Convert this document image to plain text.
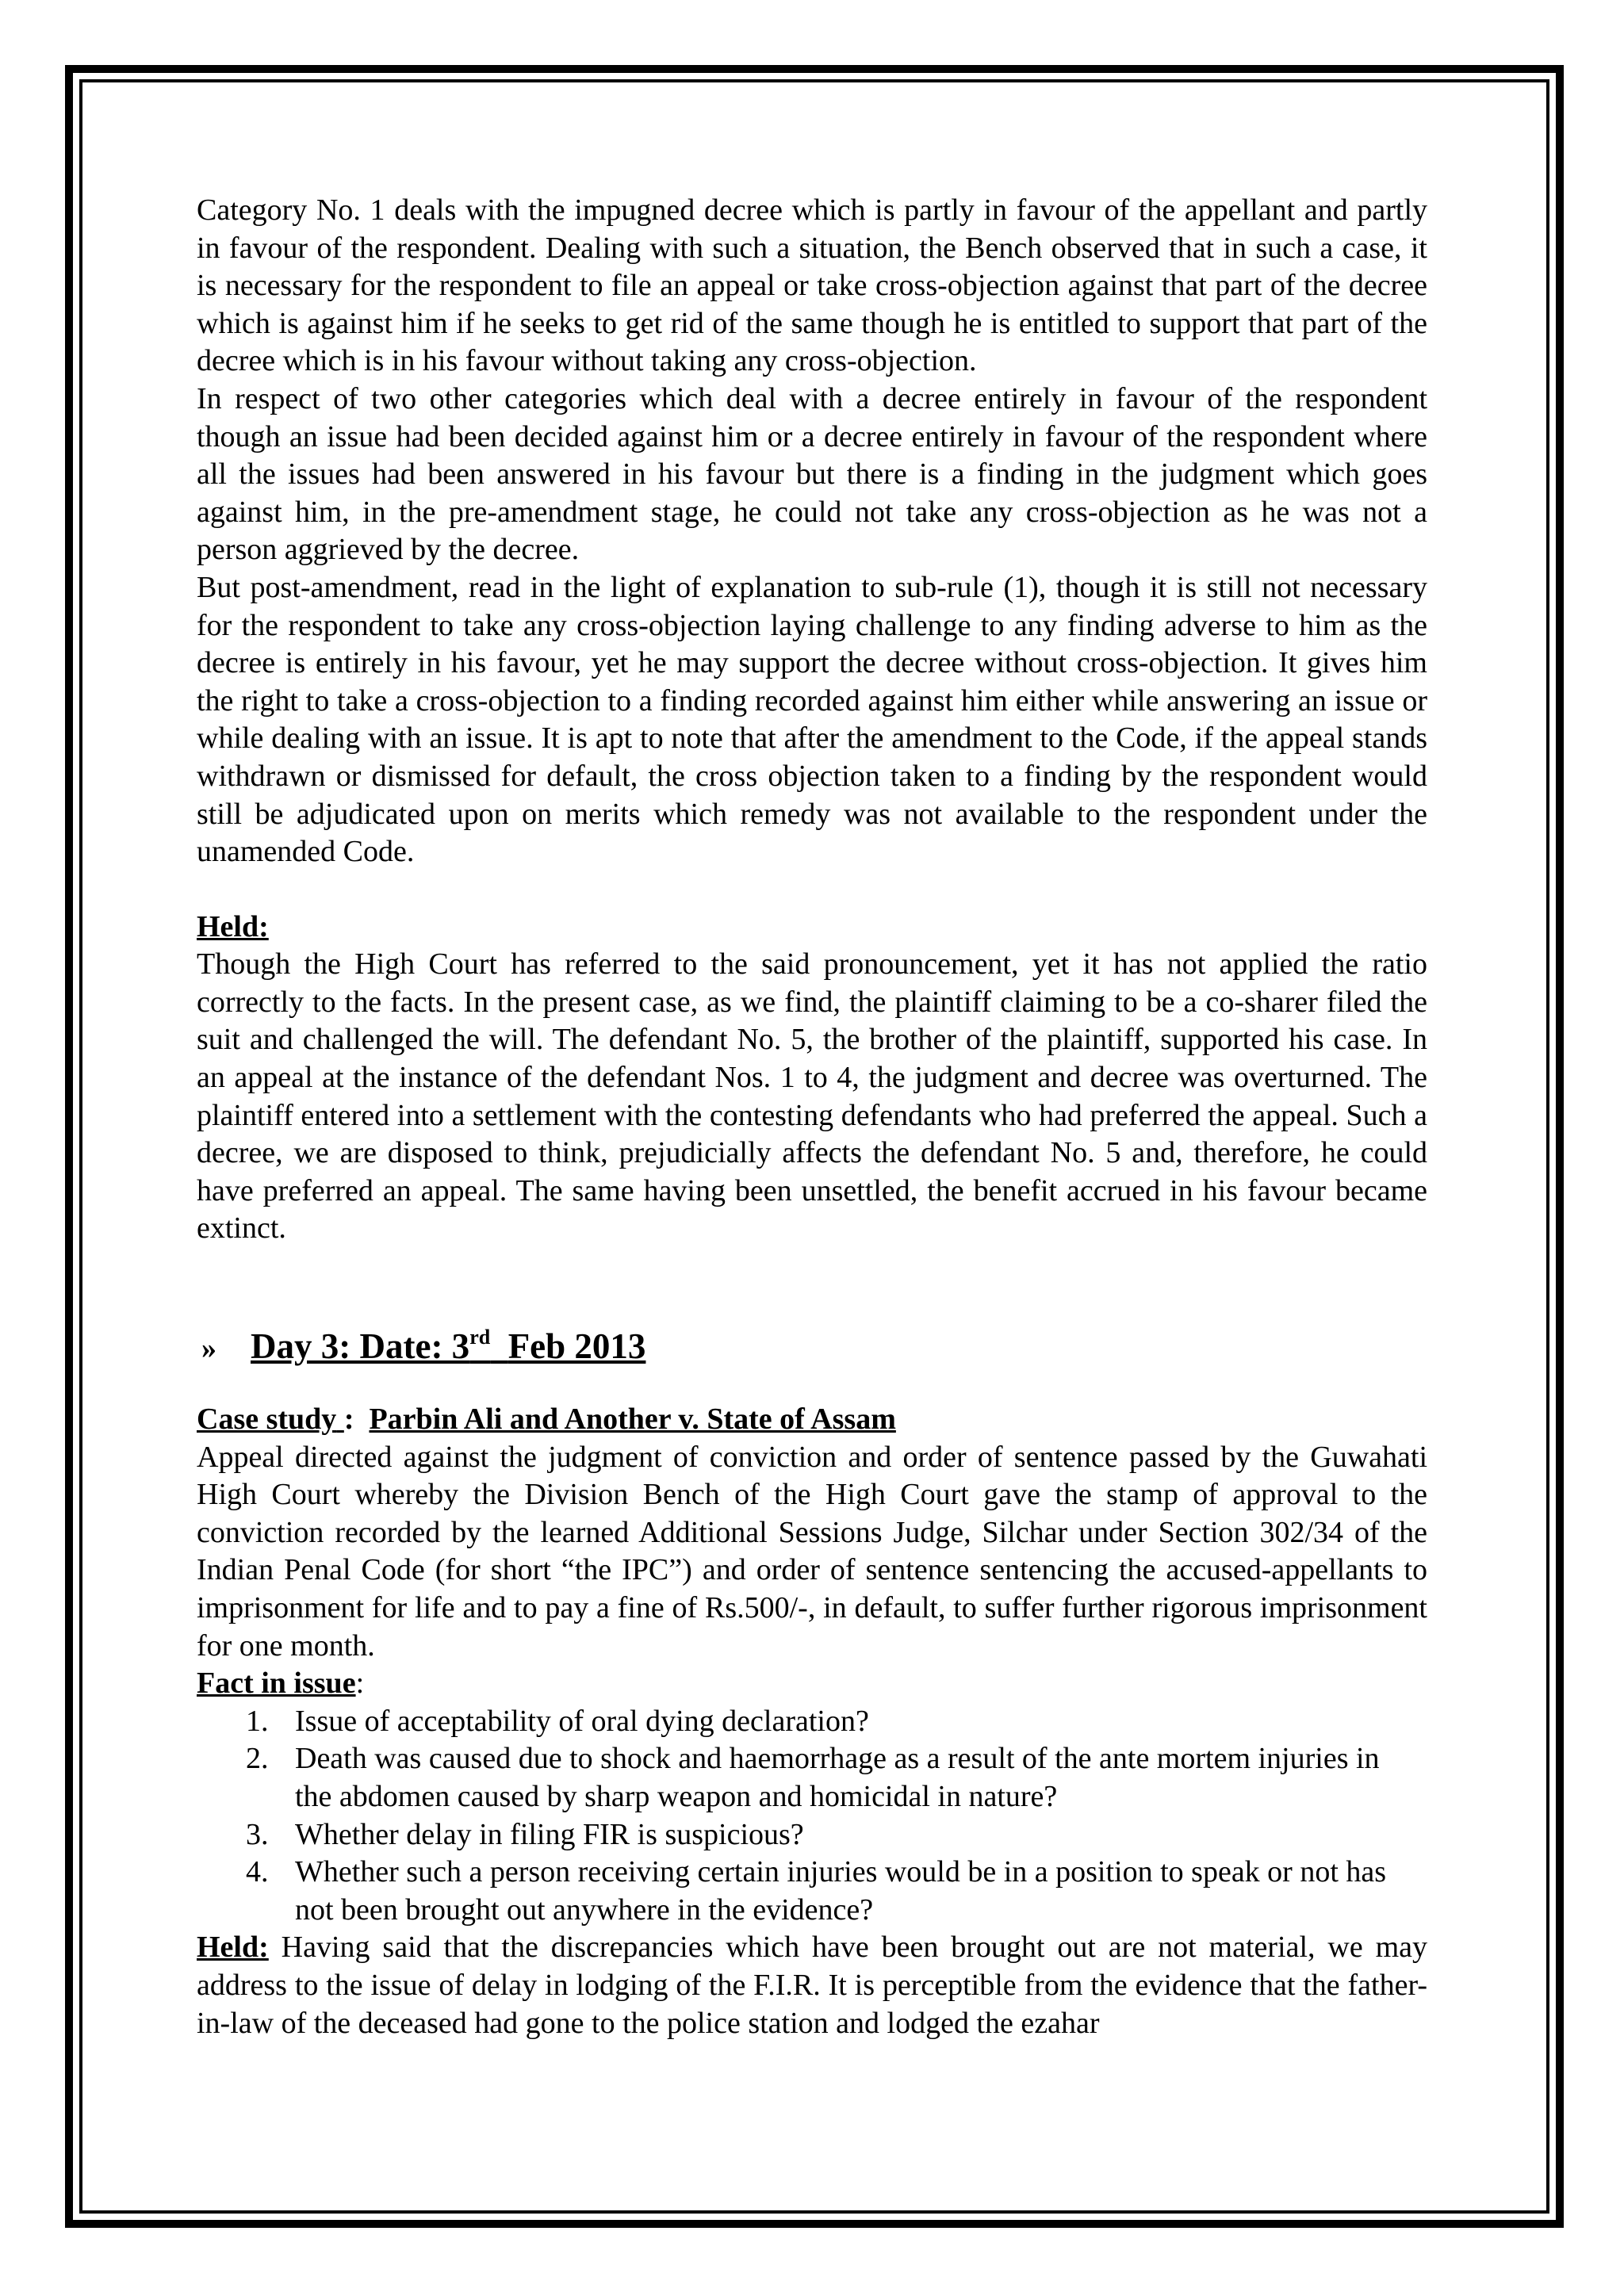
Category No. 1 deals with the impugned decree which is partly in favour of the appellant and partly in favour of the respondent. Dealing with such a situation, the Bench observed that in such a case, it is necessary for the respondent to file an appeal or take cross-objection against that part of the decree which is against him if he seeks to get rid of the same though he is entitled to support that part of the decree which is in his favour without taking any cross-objection.

In respect of two other categories which deal with a decree entirely in favour of the respondent though an issue had been decided against him or a decree entirely in favour of the respondent where all the issues had been answered in his favour but there is a finding in the judgment which goes against him, in the pre-amendment stage, he could not take any cross-objection as he was not a person aggrieved by the decree.

But post-amendment, read in the light of explanation to sub-rule (1), though it is still not necessary for the respondent to take any cross-objection laying challenge to any finding adverse to him as the decree is entirely in his favour, yet he may support the decree without cross-objection. It gives him the right to take a cross-objection to a finding recorded against him either while answering an issue or while dealing with an issue. It is apt to note that after the amendment to the Code, if the appeal stands withdrawn or dismissed for default, the cross objection taken to a finding by the respondent would still be adjudicated upon on merits which remedy was not available to the respondent under the unamended Code.

Held:

Though the High Court has referred to the said pronouncement, yet it has not applied the ratio correctly to the facts. In the present case, as we find, the plaintiff claiming to be a co-sharer filed the suit and challenged the will. The defendant No. 5, the brother of the plaintiff, supported his case. In an appeal at the instance of the defendant Nos. 1 to 4, the judgment and decree was overturned. The plaintiff entered into a settlement with the contesting defendants who had preferred the appeal. Such a decree, we are disposed to think, prejudicially affects the defendant No. 5 and, therefore, he could have preferred an appeal. The same having been unsettled, the benefit accrued in his favour became extinct.

» Day 3: Date: 3rd Feb 2013

Case study : Parbin Ali and Another v. State of Assam

Appeal directed against the judgment of conviction and order of sentence passed by the Guwahati High Court whereby the Division Bench of the High Court gave the stamp of approval to the conviction recorded by the learned Additional Sessions Judge, Silchar under Section 302/34 of the Indian Penal Code (for short “the IPC”) and order of sentence sentencing the accused-appellants to imprisonment for life and to pay a fine of Rs.500/-, in default, to suffer further rigorous imprisonment for one month.

Fact in issue:

1. Issue of acceptability of oral dying declaration?
2. Death was caused due to shock and haemorrhage as a result of the ante mortem injuries in the abdomen caused by sharp weapon and homicidal in nature?
3. Whether delay in filing FIR is suspicious?
4. Whether such a person receiving certain injuries would be in a position to speak or not has not been brought out anywhere in the evidence?

Held: Having said that the discrepancies which have been brought out are not material, we may address to the issue of delay in lodging of the F.I.R. It is perceptible from the evidence that the father-in-law of the deceased had gone to the police station and lodged the ezahar
